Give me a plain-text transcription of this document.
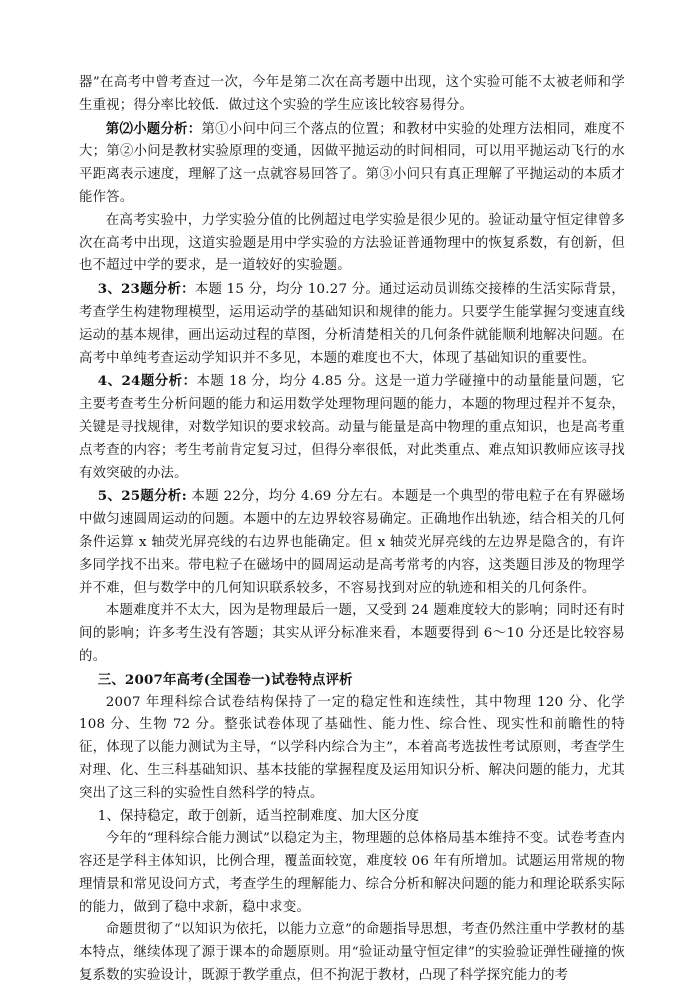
器”在高考中曾考查过一次，今年是第二次在高考题中出现，这个实验可能不太被老师和学生重视；得分率比较低．做过这个实验的学生应该比较容易得分。

第⑵小题分析：第①小问中问三个落点的位置；和教材中实验的处理方法相同，难度不大；第②小问是教材实验原理的变通，因做平抛运动的时间相同，可以用平抛运动飞行的水平距离表示速度，理解了这一点就容易回答了。第③小问只有真正理解了平抛运动的本质才能作答。

在高考实验中，力学实验分值的比例超过电学实验是很少见的。验证动量守恒定律曾多次在高考中出现，这道实验题是用中学实验的方法验证普通物理中的恢复系数，有创新，但也不超过中学的要求，是一道较好的实验题。

3、23题分析：本题 15 分，均分 10.27 分。通过运动员训练交接棒的生活实际背景，考查学生构建物理模型，运用运动学的基础知识和规律的能力。只要学生能掌握匀变速直线运动的基本规律，画出运动过程的草图，分析清楚相关的几何条件就能顺利地解决问题。在高考中单纯考查运动学知识并不多见，本题的难度也不大，体现了基础知识的重要性。

4、24题分析：本题 18 分，均分 4.85 分。这是一道力学碰撞中的动量能量问题，它主要考查考生分析问题的能力和运用数学处理物理问题的能力，本题的物理过程并不复杂，关键是寻找规律，对数学知识的要求较高。动量与能量是高中物理的重点知识，也是高考重点考查的内容；考生考前肯定复习过，但得分率很低，对此类重点、难点知识教师应该寻找有效突破的办法。

5、25题分析: 本题 22分，均分 4.69 分左右。本题是一个典型的带电粒子在有界磁场中做匀速圆周运动的问题。本题中的左边界较容易确定。正确地作出轨迹，结合相关的几何条件运算 x 轴荧光屏亮线的右边界也能确定。但 x 轴荧光屏亮线的左边界是隐含的，有许多同学找不出来。带电粒子在磁场中的圆周运动是高考常考的内容，这类题目涉及的物理学并不难，但与数学中的几何知识联系较多，不容易找到对应的轨迹和相关的几何条件。

本题难度并不太大，因为是物理最后一题，又受到 24 题难度较大的影响；同时还有时间的影响；许多考生没有答题；其实从评分标准来看，本题要得到 6～10 分还是比较容易的。

三、2007年高考(全国卷一)试卷特点评析

2007 年理科综合试卷结构保持了一定的稳定性和连续性，其中物理 120 分、化学 108 分、生物 72 分。整张试卷体现了基础性、能力性、综合性、现实性和前瞻性的特征，体现了以能力测试为主导，“以学科内综合为主”，本着高考选拔性考试原则，考查学生对理、化、生三科基础知识、基本技能的掌握程度及运用知识分析、解决问题的能力，尤其突出了这三科的实验性自然科学的特点。

1、保持稳定，敢于创新，适当控制难度、加大区分度

今年的“理科综合能力测试”以稳定为主，物理题的总体格局基本维持不变。试卷考查内容还是学科主体知识，比例合理，覆盖面较宽，难度较 06 年有所增加。试题运用常规的物理情景和常见设问方式，考查学生的理解能力、综合分析和解决问题的能力和理论联系实际的能力，做到了稳中求新，稳中求变。

命题贯彻了“以知识为依托，以能力立意”的命题指导思想，考查仍然注重中学教材的基本特点，继续体现了源于课本的命题原则。用“验证动量守恒定律”的实验验证弹性碰撞的恢复系数的实验设计，既源于教学重点，但不拘泥于教材，凸现了科学探究能力的考
